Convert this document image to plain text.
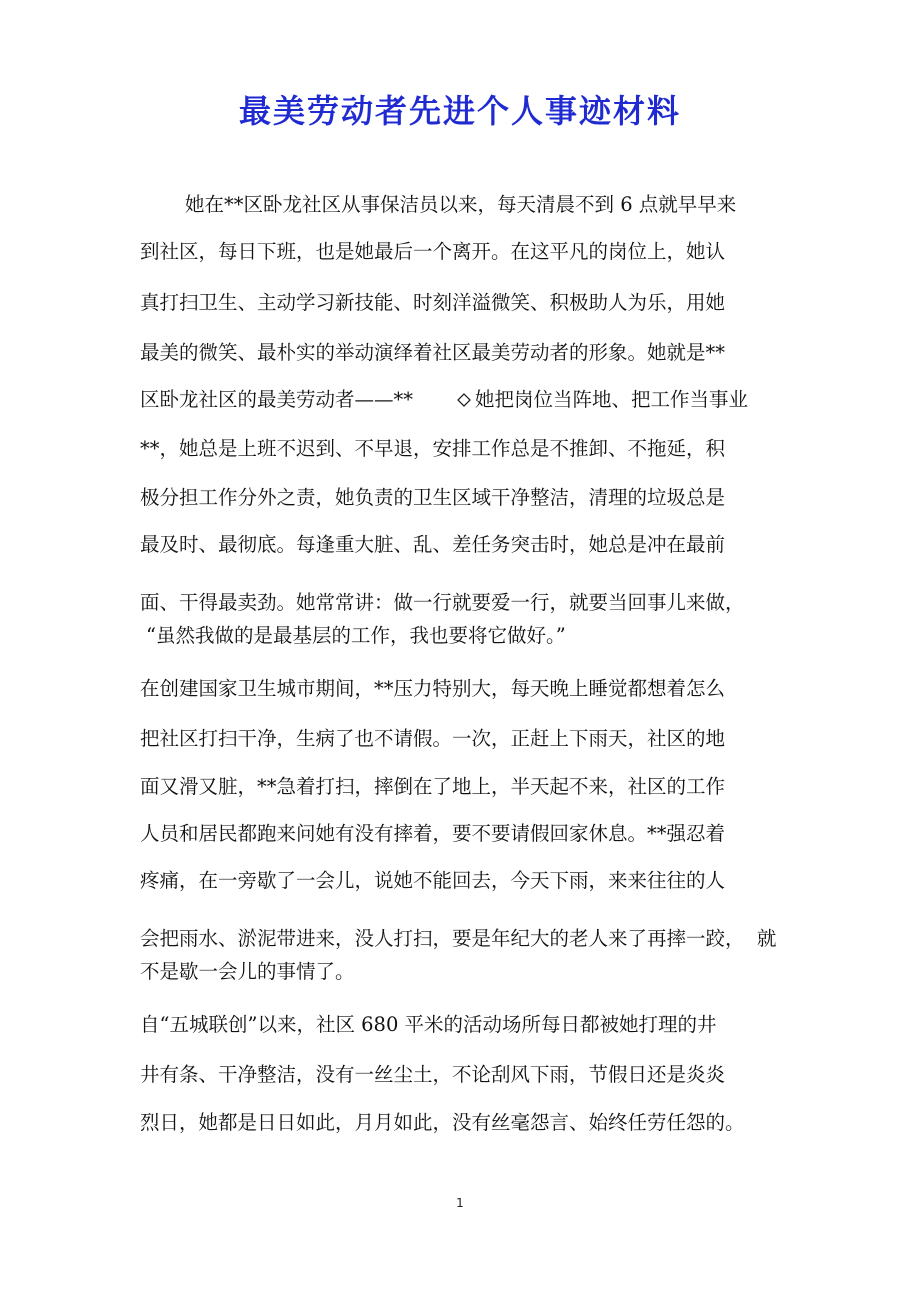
最美劳动者先进个人事迹材料
她在**区卧龙社区从事保洁员以来，每天清晨不到 6 点就早早来
到社区，每日下班，也是她最后一个离开。在这平凡的岗位上，她认
真打扫卫生、主动学习新技能、时刻洋溢微笑、积极助人为乐，用她
最美的微笑、最朴实的举动演绎着社区最美劳动者的形象。她就是**
区卧龙社区的最美劳动者——**	她把岗位当阵地、把工作当事业
**，她总是上班不迟到、不早退，安排工作总是不推卸、不拖延，积
极分担工作分外之责，她负责的卫生区域干净整洁，清理的垃圾总是
最及时、最彻底。每逢重大脏、乱、差任务突击时，她总是冲在最前
面、干得最卖劲。她常常讲：做一行就要爱一行，就要当回事儿来做，
“虽然我做的是最基层的工作，我也要将它做好。”
在创建国家卫生城市期间，**压力特别大，每天晚上睡觉都想着怎么
把社区打扫干净，生病了也不请假。一次，正赶上下雨天，社区的地
面又滑又脏，**急着打扫，摔倒在了地上，半天起不来，社区的工作
人员和居民都跑来问她有没有摔着，要不要请假回家休息。**强忍着
疼痛，在一旁歇了一会儿，说她不能回去，今天下雨，来来往往的人
会把雨水、淤泥带进来，没人打扫，要是年纪大的老人来了再摔一跤，  就
不是歇一会儿的事情了。
自“五城联创”以来，社区 680 平米的活动场所每日都被她打理的井
井有条、干净整洁，没有一丝尘土，不论刮风下雨，节假日还是炎炎
烈日，她都是日日如此，月月如此，没有丝毫怨言、始终任劳任怨的。
1
